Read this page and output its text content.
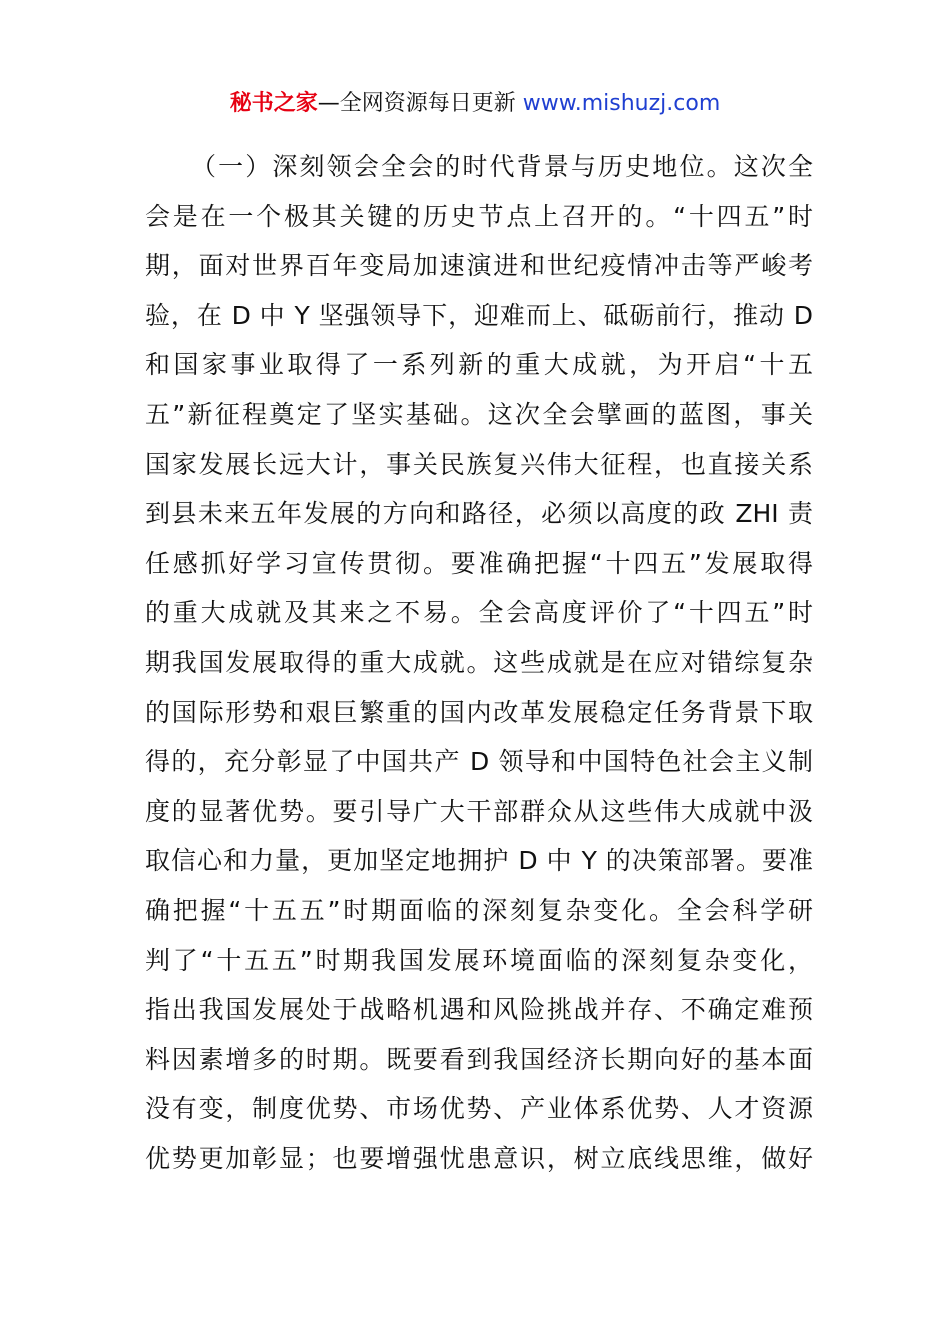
秘书之家—全网资源每日更新 www.mishuzj.com
（一）深刻领会全会的时代背景与历史地位。这次全
会是在一个极其关键的历史节点上召开的。“十四五”时
期，面对世界百年变局加速演进和世纪疫情冲击等严峻考
验，在 D 中 Y 坚强领导下，迎难而上、砥砺前行，推动 D
和国家事业取得了一系列新的重大成就，为开启“十五
五”新征程奠定了坚实基础。这次全会擘画的蓝图，事关
国家发展长远大计，事关民族复兴伟大征程，也直接关系
到县未来五年发展的方向和路径，必须以高度的政 ZHI 责
任感抓好学习宣传贯彻。要准确把握“十四五”发展取得
的重大成就及其来之不易。全会高度评价了“十四五”时
期我国发展取得的重大成就。这些成就是在应对错综复杂
的国际形势和艰巨繁重的国内改革发展稳定任务背景下取
得的，充分彰显了中国共产 D 领导和中国特色社会主义制
度的显著优势。要引导广大干部群众从这些伟大成就中汲
取信心和力量，更加坚定地拥护 D 中 Y 的决策部署。要准
确把握“十五五”时期面临的深刻复杂变化。全会科学研
判了“十五五”时期我国发展环境面临的深刻复杂变化，
指出我国发展处于战略机遇和风险挑战并存、不确定难预
料因素增多的时期。既要看到我国经济长期向好的基本面
没有变，制度优势、市场优势、产业体系优势、人才资源
优势更加彰显；也要增强忧患意识，树立底线思维，做好
